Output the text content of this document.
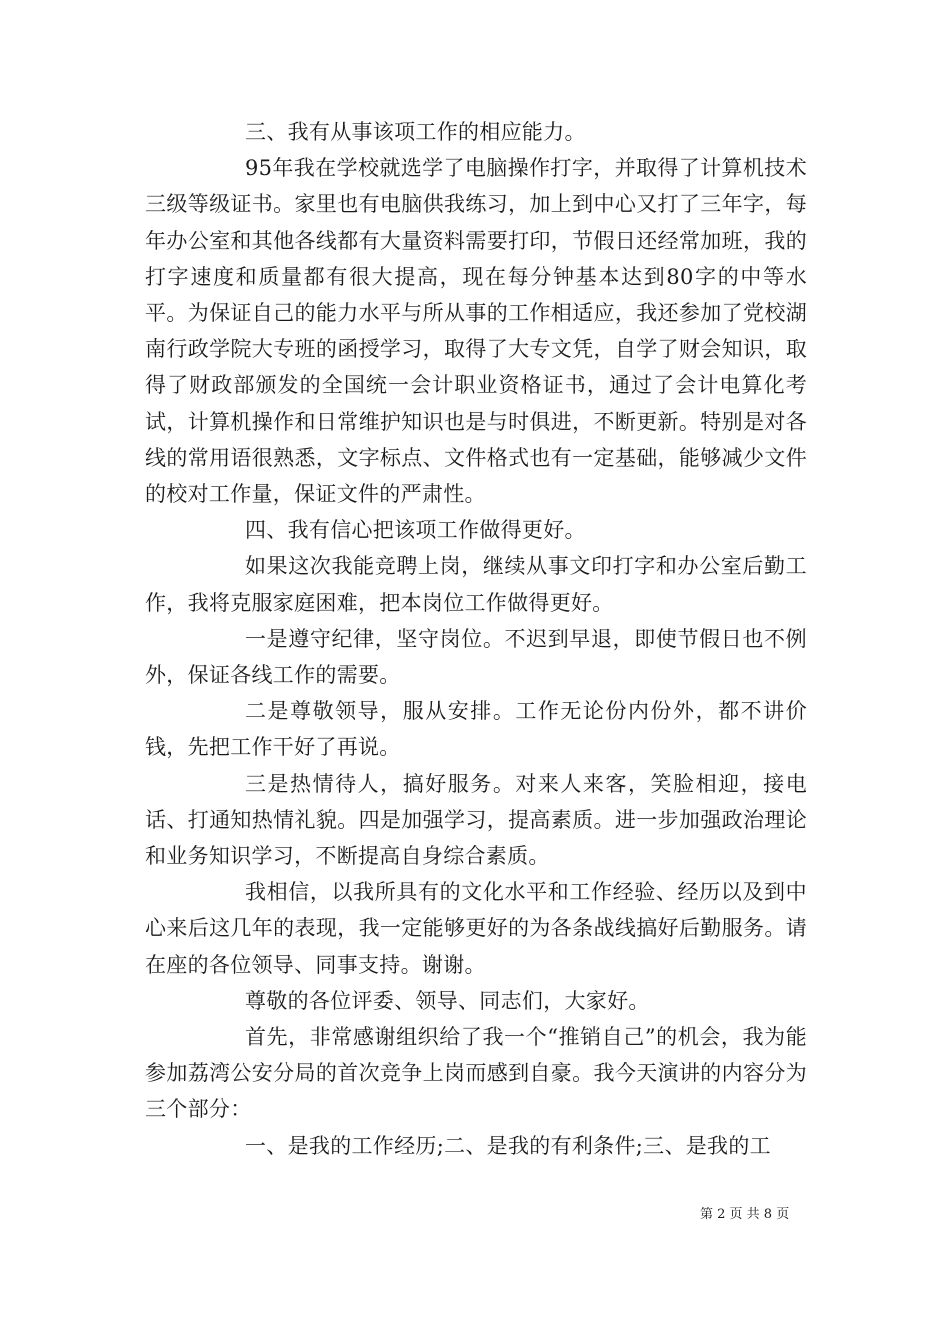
三、我有从事该项工作的相应能力。

95年我在学校就选学了电脑操作打字，并取得了计算机技术三级等级证书。家里也有电脑供我练习，加上到中心又打了三年字，每年办公室和其他各线都有大量资料需要打印，节假日还经常加班，我的打字速度和质量都有很大提高，现在每分钟基本达到80字的中等水平。为保证自己的能力水平与所从事的工作相适应，我还参加了党校湖南行政学院大专班的函授学习，取得了大专文凭，自学了财会知识，取得了财政部颁发的全国统一会计职业资格证书，通过了会计电算化考试，计算机操作和日常维护知识也是与时俱进，不断更新。特别是对各线的常用语很熟悉，文字标点、文件格式也有一定基础，能够减少文件的校对工作量，保证文件的严肃性。

四、我有信心把该项工作做得更好。

如果这次我能竞聘上岗，继续从事文印打字和办公室后勤工作，我将克服家庭困难，把本岗位工作做得更好。

一是遵守纪律，坚守岗位。不迟到早退，即使节假日也不例外，保证各线工作的需要。

二是尊敬领导，服从安排。工作无论份内份外，都不讲价钱，先把工作干好了再说。

三是热情待人，搞好服务。对来人来客，笑脸相迎，接电话、打通知热情礼貌。四是加强学习，提高素质。进一步加强政治理论和业务知识学习，不断提高自身综合素质。

我相信，以我所具有的文化水平和工作经验、经历以及到中心来后这几年的表现，我一定能够更好的为各条战线搞好后勤服务。请在座的各位领导、同事支持。谢谢。

尊敬的各位评委、领导、同志们，大家好。

首先，非常感谢组织给了我一个“推销自己”的机会，我为能参加荔湾公安分局的首次竞争上岗而感到自豪。我今天演讲的内容分为三个部分：

一、是我的工作经历;二、是我的有利条件;三、是我的工

第 2 页 共 8 页
